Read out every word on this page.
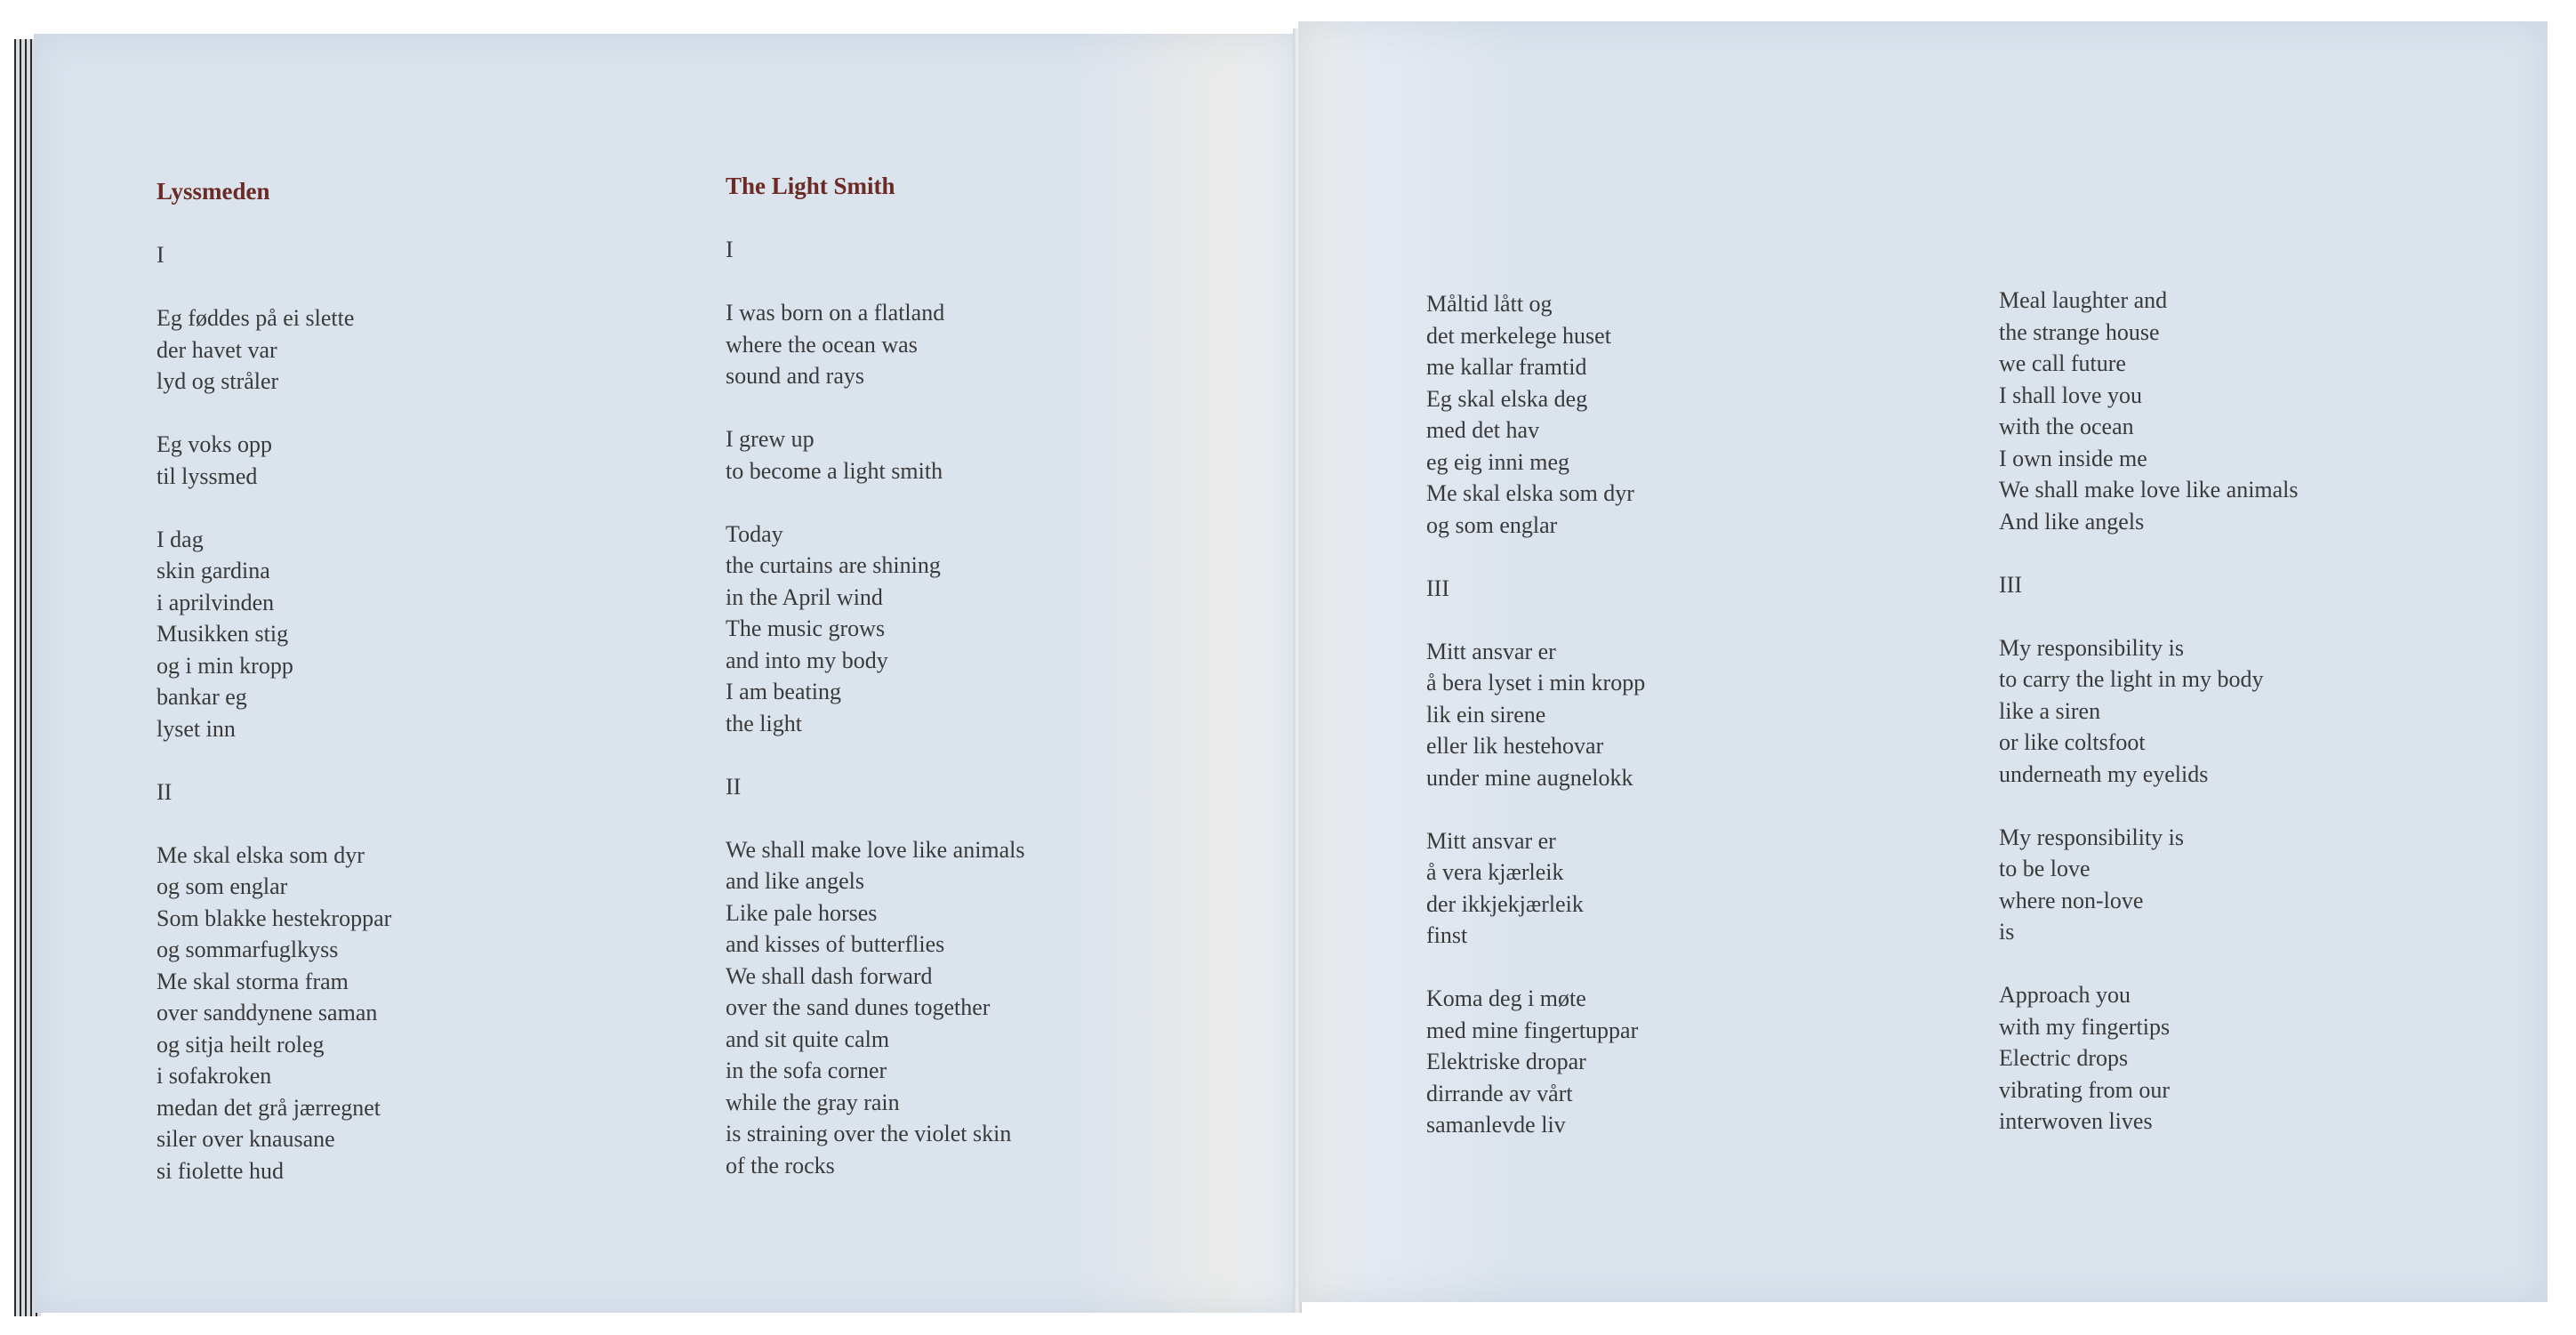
Lyssmeden
I
Eg føddes på ei slette
der havet var
lyd og stråler
Eg voks opp
til lyssmed
I dag
skin gardina
i aprilvinden
Musikken stig
og i min kropp
bankar eg
lyset inn
II
Me skal elska som dyr
og som englar
Som blakke hestekroppar
og sommarfuglkyss
Me skal storma fram
over sanddynene saman
og sitja heilt roleg
i sofakroken
medan det grå jærregnet
siler over knausane
si fiolette hud
The Light Smith
I
I was born on a flatland
where the ocean was
sound and rays
I grew up
to become a light smith
Today
the curtains are shining
in the April wind
The music grows
and into my body
I am beating
the light
II
We shall make love like animals
and like angels
Like pale horses
and kisses of butterflies
We shall dash forward
over the sand dunes together
and sit quite calm
in the sofa corner
while the gray rain
is straining over the violet skin
of the rocks
Måltid lått og
det merkelege huset
me kallar framtid
Eg skal elska deg
med det hav
eg eig inni meg
Me skal elska som dyr
og som englar
III
Mitt ansvar er
å bera lyset i min kropp
lik ein sirene
eller lik hestehovar
under mine augnelokk
Mitt ansvar er
å vera kjærleik
der ikkjekjærleik
finst
Koma deg i møte
med mine fingertuppar
Elektriske dropar
dirrande av vårt
samanlevde liv
Meal laughter and
the strange house
we call future
I shall love you
with the ocean
I own inside me
We shall make love like animals
And like angels
III
My responsibility is
to carry the light in my body
like a siren
or like coltsfoot
underneath my eyelids
My responsibility is
to be love
where non-love
is
Approach you
with my fingertips
Electric drops
vibrating from our
interwoven lives
